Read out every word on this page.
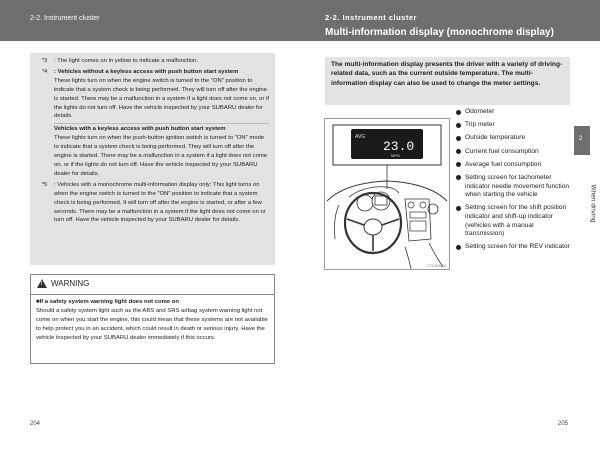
2-2. Instrument cluster
*3 : The light comes on in yellow to indicate a malfunction.
*4 : Vehicles without a keyless access with push button start system
These lights turn on when the engine switch is turned to the "ON" position to indicate that a system check is being performed. They will turn off after the engine is started. There may be a malfunction in a system if a light does not come on, or if the lights do not turn off. Have the vehicle inspected by your SUBARU dealer for details.
Vehicles with a keyless access with push button start system
These lights turn on when the push-button ignition switch is turned to "ON" mode to indicate that a system check is being performed. They will turn off after the engine is started. There may be a malfunction in a system if a light does not come on, or if the lights do not turn off. Have the vehicle inspected by your SUBARU dealer for details.
*5 : Vehicles with a monochrome multi-information display only: This light turns on when the engine switch is turned to the "ON" position to indicate that a system check is being performed. It will turn off after the engine is started, or after a few seconds. There may be a malfunction in a system if the light does not come on or turn off. Have the vehicle inspected by your SUBARU dealer for details.
! WARNING
■If a safety system warning light does not come on
Should a safety system light such as the ABS and SRS airbag system warning light not come on when you start the engine, this could mean that these systems are not available to help protect you in an accident, which could result in death or serious injury. Have the vehicle inspected by your SUBARU dealer immediately if this occurs.
204
2-2. Instrument cluster
Multi-information display (monochrome display)
The multi-information display presents the driver with a variety of driving-related data, such as the current outside temperature. The multi-information display can also be used to change the meter settings.
AVG
23.0
MPG
CT12AH002
Odometer
Trip meter
Outside temperature
Current fuel consumption
Average fuel consumption
Setting screen for tachometer indicator needle movement function when starting the vehicle
Setting screen for the shift position indicator and shift-up indicator (vehicles with a manual transmission)
Setting screen for the REV indicator
2
When driving
205
